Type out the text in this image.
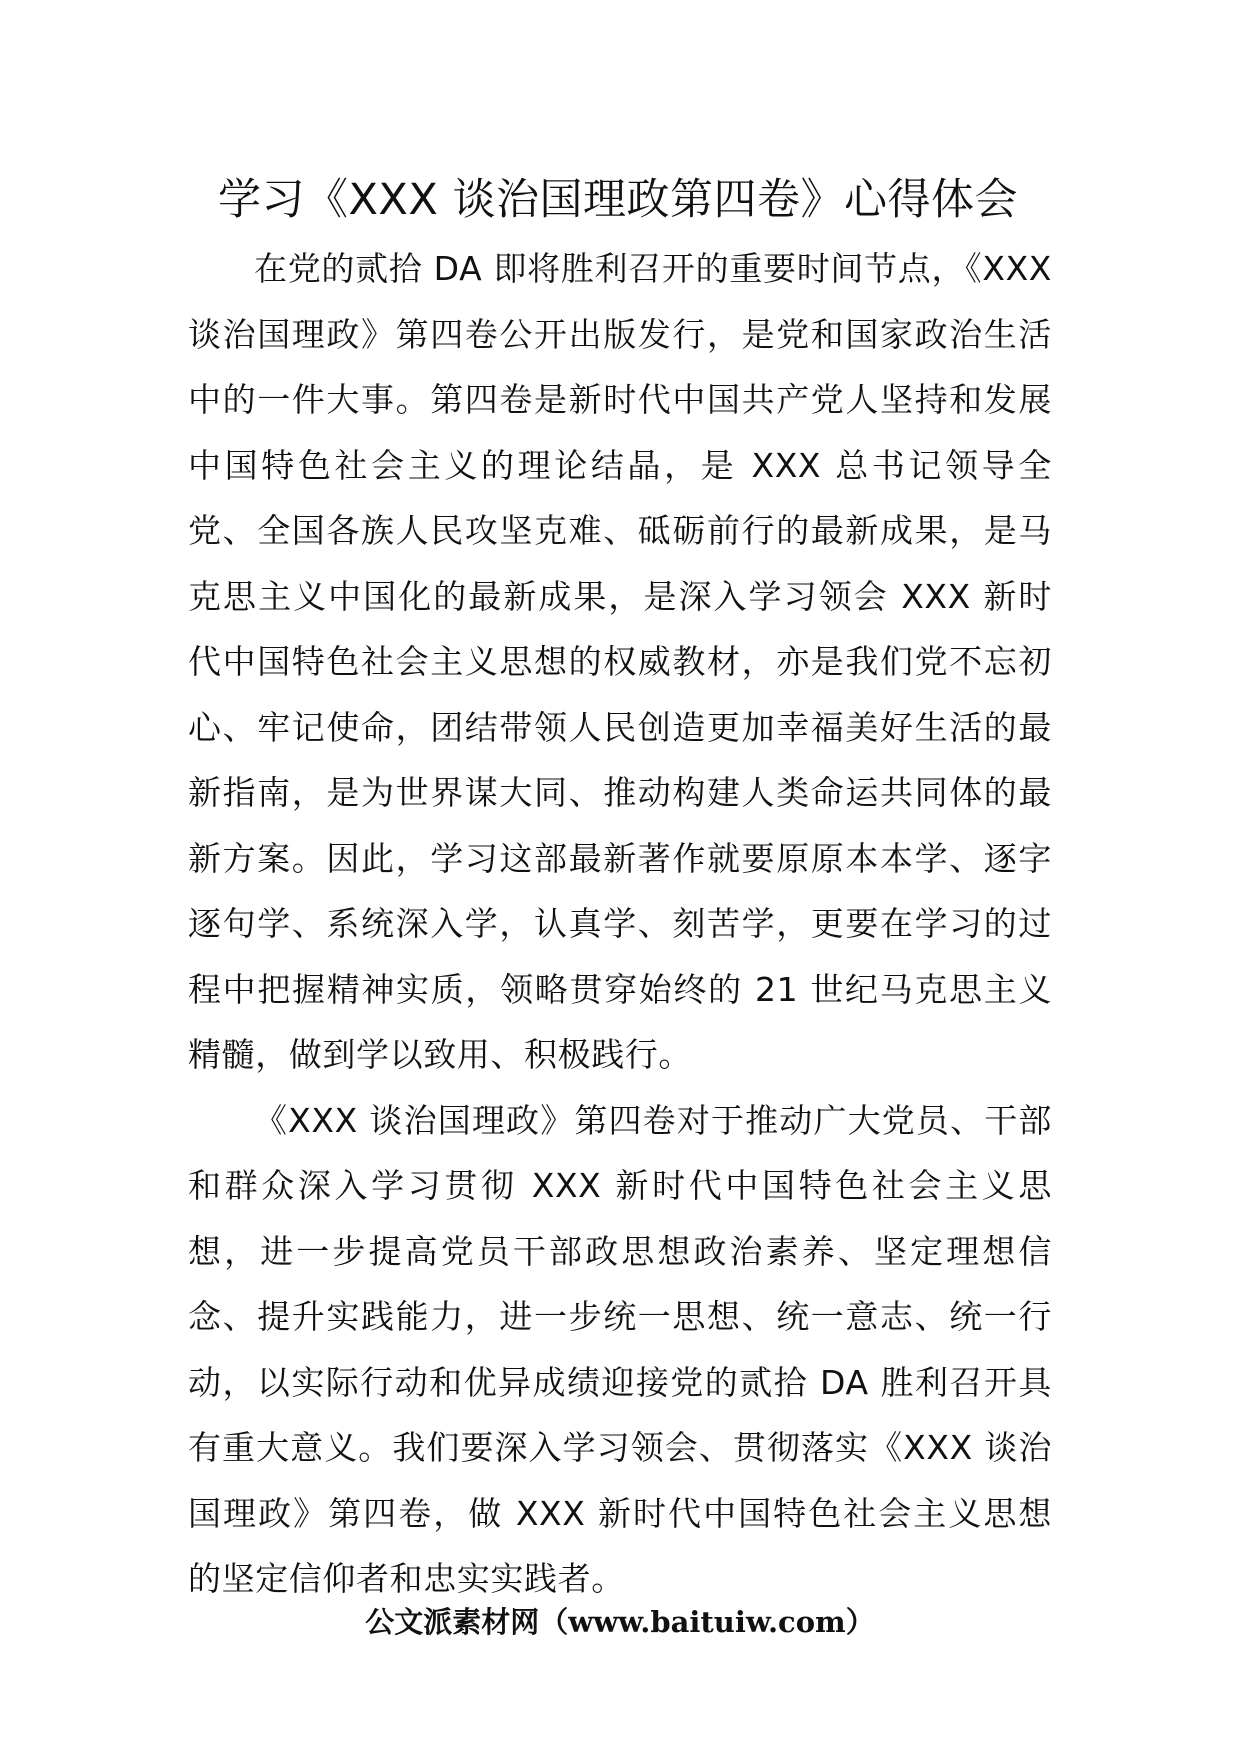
学习《XXX 谈治国理政第四卷》心得体会

在党的贰拾 DA 即将胜利召开的重要时间节点，《XXX 谈治国理政》第四卷公开出版发行，是党和国家政治生活中的一件大事。第四卷是新时代中国共产党人坚持和发展中国特色社会主义的理论结晶，是 XXX 总书记领导全党、全国各族人民攻坚克难、砥砺前行的最新成果，是马克思主义中国化的最新成果，是深入学习领会 XXX 新时代中国特色社会主义思想的权威教材，亦是我们党不忘初心、牢记使命，团结带领人民创造更加幸福美好生活的最新指南，是为世界谋大同、推动构建人类命运共同体的最新方案。因此，学习这部最新著作就要原原本本学、逐字逐句学、系统深入学，认真学、刻苦学，更要在学习的过程中把握精神实质，领略贯穿始终的 21 世纪马克思主义精髓，做到学以致用、积极践行。

《XXX 谈治国理政》第四卷对于推动广大党员、干部和群众深入学习贯彻 XXX 新时代中国特色社会主义思想，进一步提高党员干部政思想政治素养、坚定理想信念、提升实践能力，进一步统一思想、统一意志、统一行动，以实际行动和优异成绩迎接党的贰拾 DA 胜利召开具有重大意义。我们要深入学习领会、贯彻落实《XXX 谈治国理政》第四卷，做 XXX 新时代中国特色社会主义思想的坚定信仰者和忠实实践者。

公文派素材网（www.baituiw.com）
